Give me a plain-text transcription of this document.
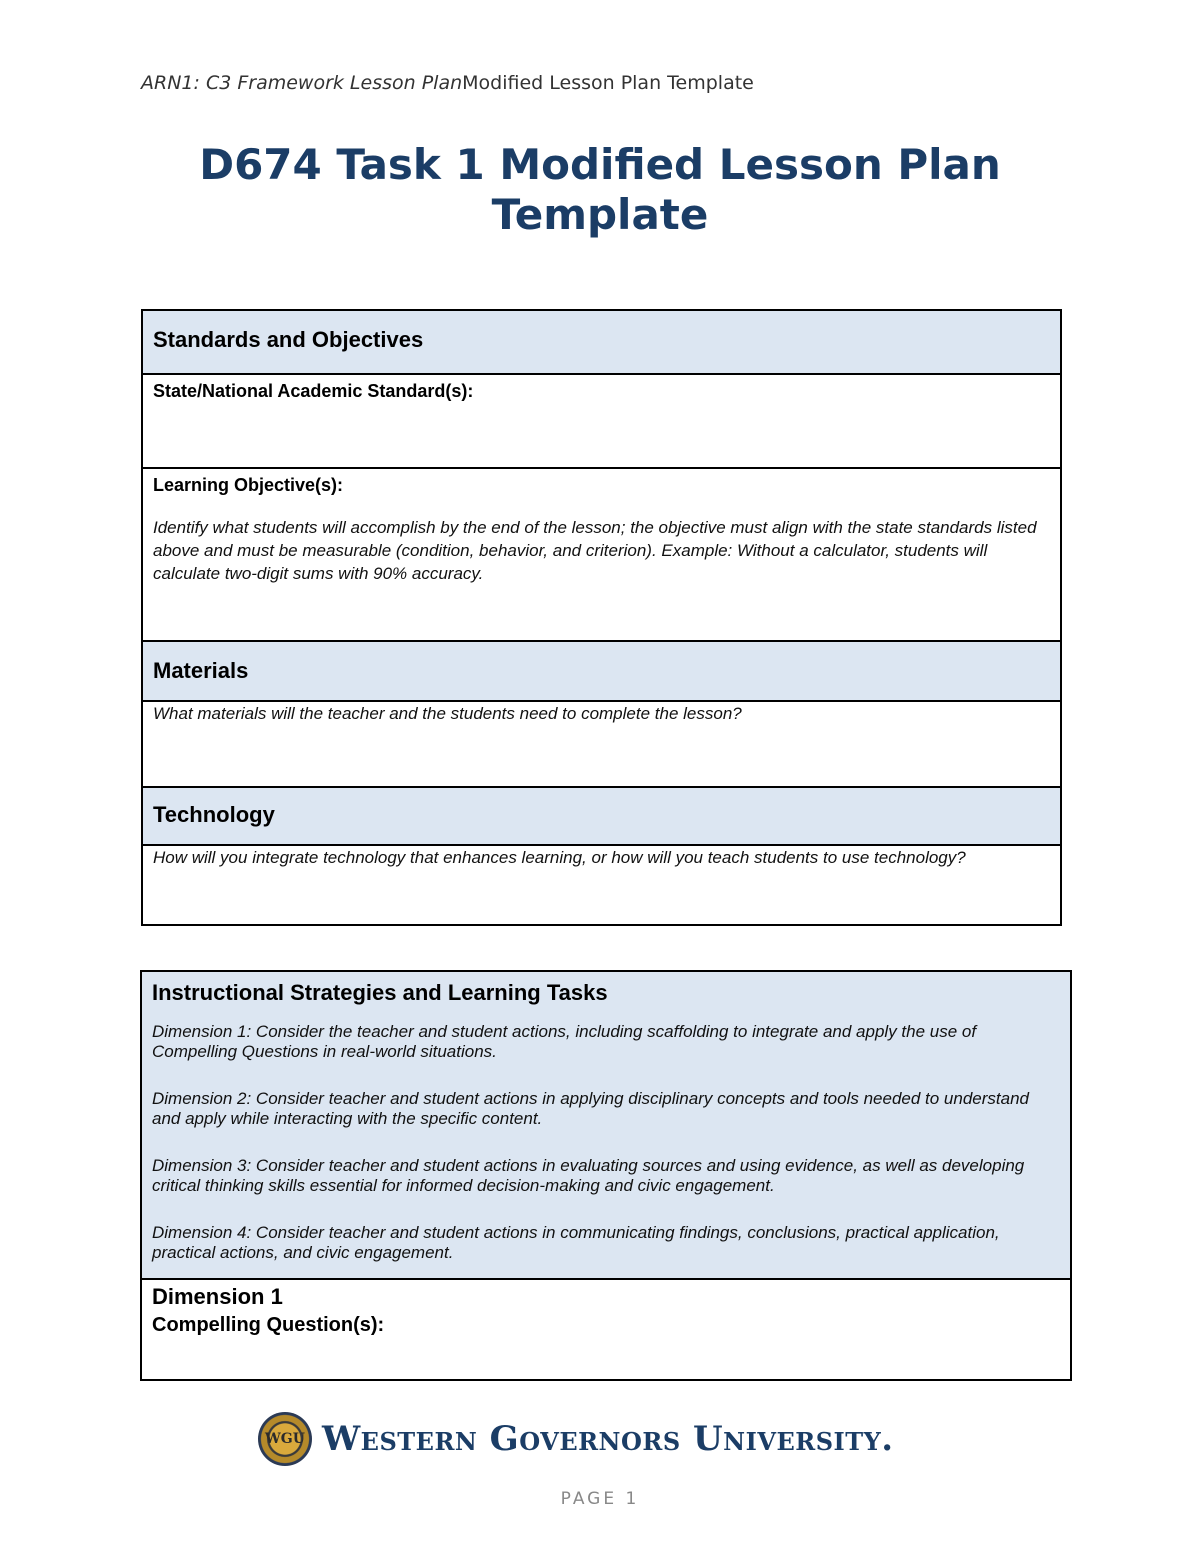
ARN1: C3 Framework Lesson PlanModified Lesson Plan Template
D674 Task 1 Modified Lesson Plan
Template

Standards and Objectives

State/National Academic Standard(s):

Learning Objective(s):

Identify what students will accomplish by the end of the lesson; the objective must align with the state standards listed above and must be measurable (condition, behavior, and criterion). Example: Without a calculator, students will calculate two-digit sums with 90% accuracy.

Materials

What materials will the teacher and the students need to complete the lesson?

Technology

How will you integrate technology that enhances learning, or how will you teach students to use technology?

Instructional Strategies and Learning Tasks

Dimension 1: Consider the teacher and student actions, including scaffolding to integrate and apply the use of Compelling Questions in real-world situations.

Dimension 2: Consider teacher and student actions in applying disciplinary concepts and tools needed to understand and apply while interacting with the specific content.

Dimension 3: Consider teacher and student actions in evaluating sources and using evidence, as well as developing critical thinking skills essential for informed decision-making and civic engagement.

Dimension 4: Consider teacher and student actions in communicating findings, conclusions, practical application, practical actions, and civic engagement.

Dimension 1

Compelling Question(s):

WGU Western Governors University.
PAGE 1
